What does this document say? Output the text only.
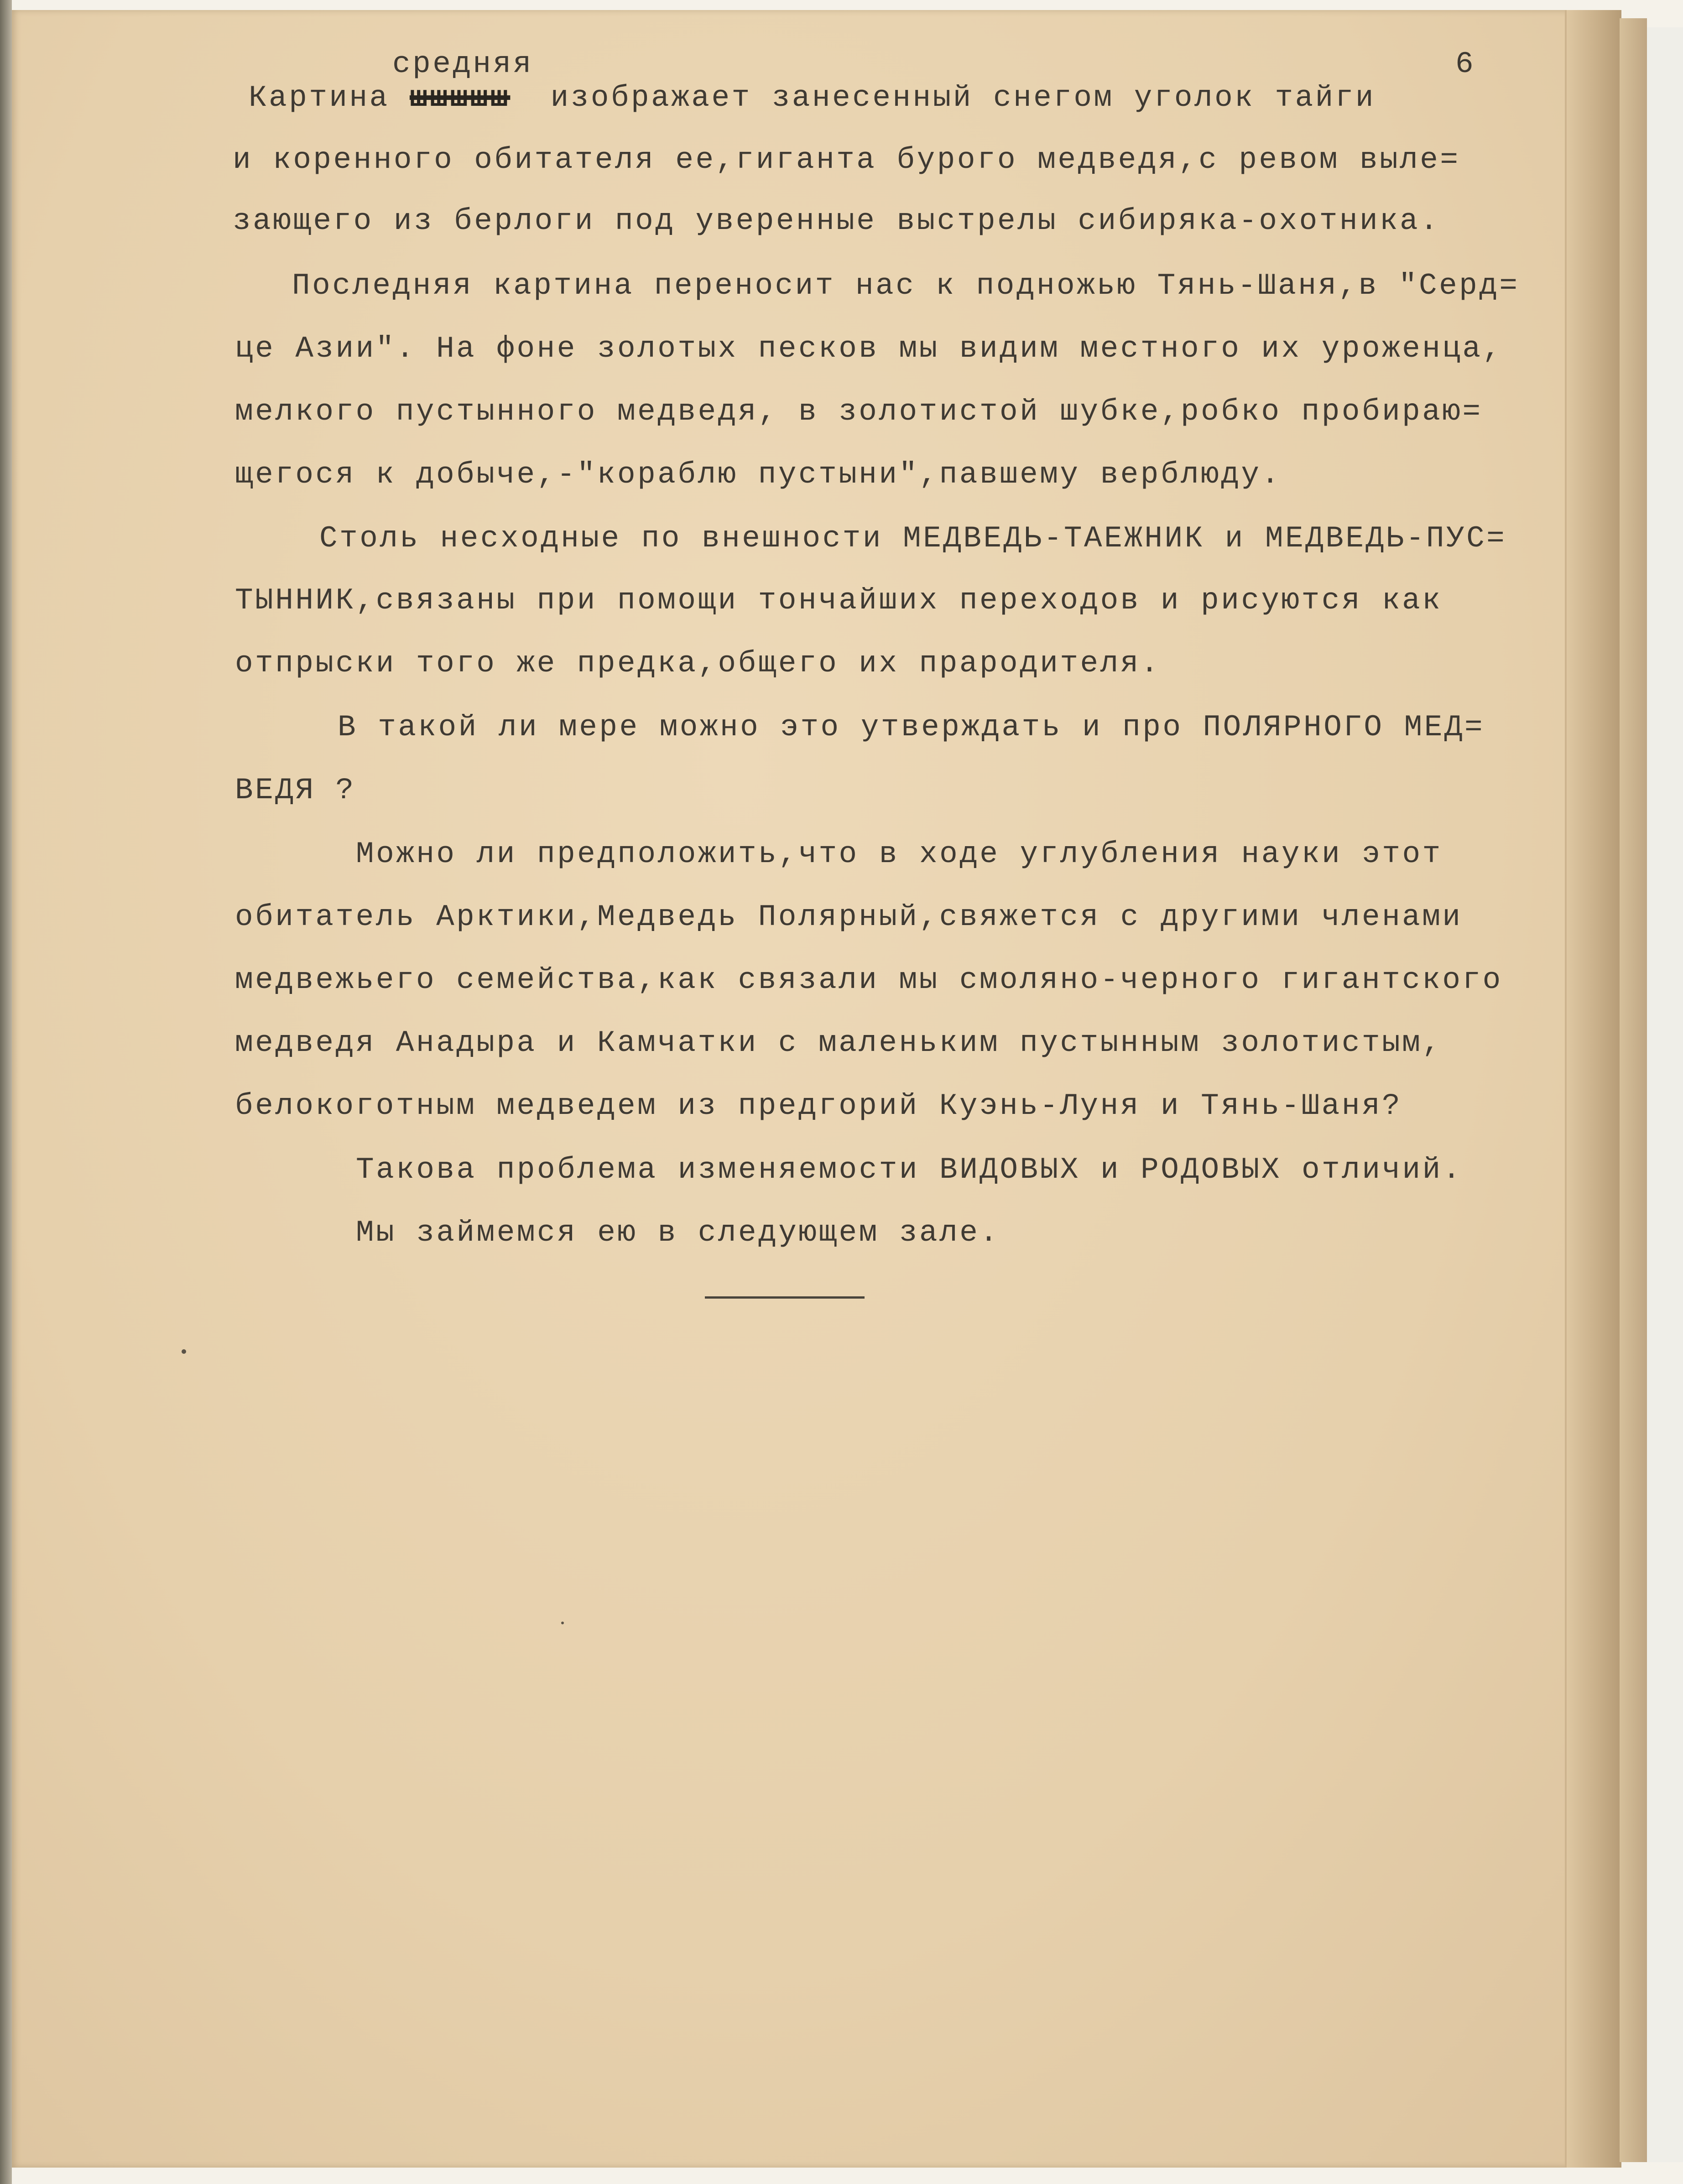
6

средняя

Картина шшшшш изображает занесенный снегом уголок тайги

и коренного обитателя ее,гиганта бурого медведя,с ревом выле=

зающего из берлоги под уверенные выстрелы сибиряка-охотника.

Последняя картина переносит нас к подножью Тянь-Шаня,в "Серд=

це Азии". На фоне золотых песков мы видим местного их уроженца,

мелкого пустынного медведя, в золотистой шубке,робко пробираю=

щегося к добыче,-"кораблю пустыни",павшему верблюду.

Столь несходные по внешности МЕДВЕДЬ-ТАЕЖНИК и МЕДВЕДЬ-ПУС=

ТЫННИК,связаны при помощи тончайших переходов и рисуются как

отпрыски того же предка,общего их прародителя.

В такой ли мере можно это утверждать и про ПОЛЯРНОГО МЕД=

ВЕДЯ ?

Можно ли предположить,что в ходе углубления науки этот

обитатель Арктики,Медведь Полярный,свяжется с другими членами

медвежьего семейства,как связали мы смоляно-черного гигантского

медведя Анадыра и Камчатки с маленьким пустынным золотистым,

белокоготным медведем из предгорий Куэнь-Луня и Тянь-Шаня?

Такова проблема изменяемости ВИДОВЫХ и РОДОВЫХ отличий.

Мы займемся ею в следующем зале.
